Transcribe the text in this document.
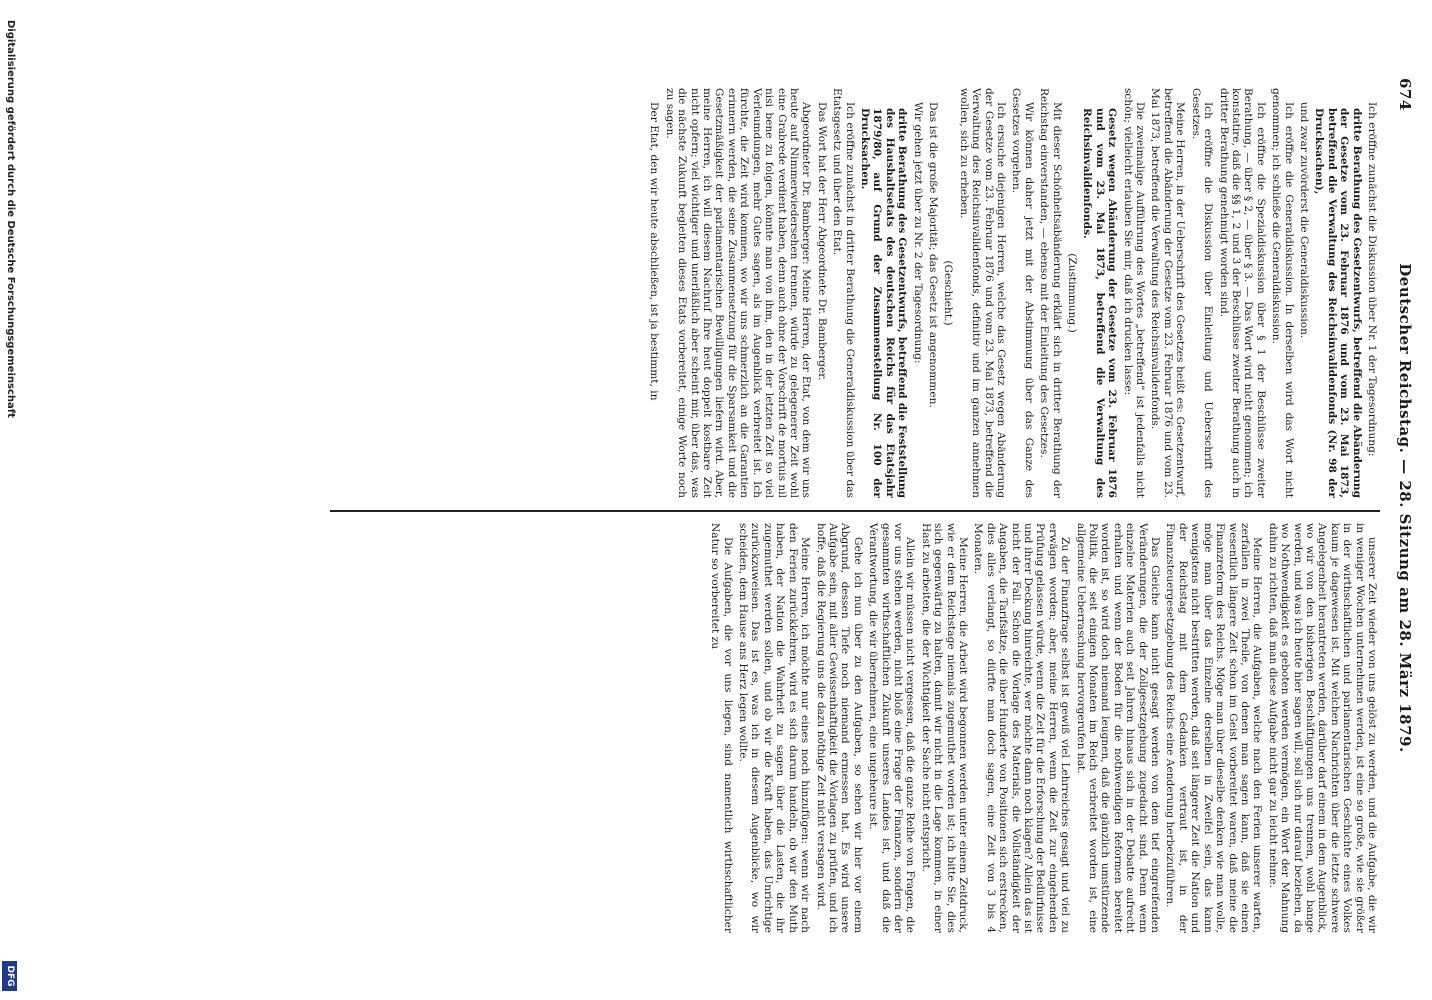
674
Deutscher Reichstag. — 28. Sitzung am 28. März 1879.

Ich eröffne zunächst die Diskussion über Nr. 1 der Tagesordnung:

dritte Berathung des Gesetzentwurfs, betreffend die Abänderung der Gesetze vom 23. Februar 1876 und vom 23. Mai 1873, betreffend die Verwaltung des Reichsinvalidenfonds (Nr. 98 der Drucksachen),

und zwar zuvörderst die Generaldiskussion.

Ich eröffne die Generaldiskussion. In derselben wird das Wort nicht genommen; ich schließe die Generaldiskussion.

Ich eröffne die Spezialdiskussion über § 1 der Beschlüsse zweiter Berathung, — über § 2, — über § 3. — Das Wort wird nicht genommen; ich konstatire, daß die §§ 1, 2 und 3 der Beschlüsse zweiter Berathung auch in dritter Berathung genehmigt worden sind.

Ich eröffne die Diskussion über Einleitung und Ueberschrift des Gesetzes.

Meine Herren, in der Ueberschrift des Gesetzes heißt es: Gesetzentwurf, betreffend die Abänderung der Gesetze vom 23. Februar 1876 und vom 23. Mai 1873, betreffend die Verwaltung des Reichsinvalidenfonds.

Die zweimalige Aufführung des Wortes „betreffend“ ist jedenfalls nicht schön; vielleicht erlauben Sie mir, daß ich drucken lasse:

Gesetz wegen Abänderung der Gesetze vom 23. Februar 1876 und vom 23. Mai 1873, betreffend die Verwaltung des Reichsinvalidenfonds.

(Zustimmung.)

Mit dieser Schönheitsabänderung erklärt sich in dritter Berathung der Reichstag einverstanden, — ebenso mit der Einleitung des Gesetzes.

Wir können daher jetzt mit der Abstimmung über das Ganze des Gesetzes vorgehen.

Ich ersuche diejenigen Herren, welche das Gesetz wegen Abänderung der Gesetze vom 23. Februar 1876 und vom 23. Mai 1873, betreffend die Verwaltung des Reichsinvalidenfonds, definitiv und im ganzen annehmen wollen, sich zu erheben.

(Geschieht.)

Das ist die große Majorität; das Gesetz ist angenommen.

Wir gehen jetzt über zu Nr. 2 der Tagesordnung:

dritte Berathung des Gesetzentwurfs, betreffend die Feststellung des Haushaltsetats des deutschen Reichs für das Etatsjahr 1879/80, auf Grund der Zusammenstellung Nr. 100 der Drucksachen.

Ich eröffne zunächst in dritter Berathung die Generaldiskussion über das Etatsgesetz und über den Etat.

Das Wort hat der Herr Abgeordnete Dr. Bamberger.

Abgeordneter Dr. Bamberger: Meine Herren, der Etat, von dem wir uns heute auf Nimmerwiedersehen trennen, würde zu gelegenerer Zeit wohl eine Grabrede verdient haben, denn auch ohne der Vorschrift de mortuis nil nisi bene zu folgen, könnte man von ihm, den in der letzten Zeit so viel Verleumdungen, mehr Gutes sagen, als im Augenblick verbreitet ist. Ich fürchte, die Zeit wird kommen, wo wir uns schmerzlich an die Garantien erinnern werden, die seine Zusammensetzung für die Sparsamkeit und die Gesetzmäßigkeit der parlamentarischen Bewilligungen liefern wird. Aber, meine Herren, ich will diesem Nachruf Ihre heut doppelt kostbare Zeit nicht opfern; viel wichtiger und unerläßlich aber scheint mir, über das, was die nächste Zukunft begleiten dieses Etats vorbereitet, einige Worte noch zu sagen.

Der Etat, den wir heute abschließen, ist ja bestimmt, in

unserer Zeit wieder von uns gelöst zu werden, und die Aufgabe, die wir in weniger Wochen unternehmen werden, ist eine so große, wie sie größer in der wirthschaftlichen und parlamentarischen Geschichte eines Volkes kaum je dagewesen ist. Mit welchen Nachrichten über die letzte schwere Angelegenheit herantreten werden, darüber darf einem in dem Augenblick, wo wir von den bisherigen Beschäftigungen uns trennen, wohl bange werden, und was ich heute hier sagen will, soll sich nur darauf beziehen, da wo Nothwendigkeit es geboten werden vermögen, ein Wort der Mahnung dahin zu richten, daß man diese Aufgabe nicht gar zu leicht nehme.

Meine Herren, die Aufgaben, welche nach den Ferien unserer warten, zerfallen in zwei Theile, von denen man sagen kann, daß sie einen wesentlich längere Zeit schon im Geist vorbereitet waren, daß meine die Finanzreform des Reichs. Möge man über dieselbe denken wie man wolle, möge man über das Einzelne derselben in Zweifel sein, das kann wenigstens nicht bestritten werden, daß seit längerer Zeit die Nation und der Reichstag mit dem Gedanken vertraut ist, in der Finanzsteuergesetzgebung des Reichs eine Aenderung herbeizuführen.

Das Gleiche kann nicht gesagt werden von dem tief eingreifenden Veränderungen, die der Zollgesetzgebung zugedacht sind. Denn wenn einzelne Materien auch seit Jahren hinaus sich in der Debatte aufrecht erhalten und wenn der Boden für die nothwendigen Reformen bereitet worden ist, so wird doch niemand leugnen, daß die gänzlich umstürzende Politik, die seit einigen Monaten im Reich verbreitet worden ist, eine allgemeine Ueberraschung hervorgerufen hat.

Zu der Finanzfrage selbst ist gewiß viel Lehrreiches gesagt und viel zu erwägen worden; aber, meine Herren, wenn die Zeit zur eingehenden Prüfung gelassen würde, wenn die Zeit für die Erforschung der Bedürfnisse und ihrer Deckung hinreichte, wer möchte dann noch klagen? Allein das ist nicht der Fall. Schon die Vorlage des Materials, die Vollständigkeit der Angaben, die Tarifsätze, die über Hunderte von Positionen sich erstrecken, dies alles verlangt, so dürfte man doch sagen, eine Zeit von 3 bis 4 Monaten.

Meine Herren, die Arbeit wird begonnen werden unter einem Zeitdruck, wie er dem Reichstage niemals zugemuthet worden ist; ich bitte Sie, dies sich gegenwärtig zu halten, damit wir nicht in die Lage kommen, in einer Hast zu arbeiten, die der Wichtigkeit der Sache nicht entspricht.

Allein wir müssen nicht vergessen, daß die ganze Reihe von Fragen, die vor uns stehen werden, nicht bloß eine Frage der Finanzen, sondern der gesammten wirthschaftlichen Zukunft unseres Landes ist, und daß die Verantwortung, die wir übernehmen, eine ungeheure ist.

Gehe ich nun über zu den Aufgaben, so sehen wir hier vor einem Abgrund, dessen Tiefe noch niemand ermessen hat. Es wird unsere Aufgabe sein, mit aller Gewissenhaftigkeit die Vorlagen zu prüfen, und ich hoffe, daß die Regierung uns die dazu nöthige Zeit nicht versagen wird.

Meine Herren, ich möchte nur eines noch hinzufügen: wenn wir nach den Ferien zurückkehren, wird es sich darum handeln, ob wir den Muth haben, der Nation die Wahrheit zu sagen über die Lasten, die ihr zugemuthet werden sollen, und ob wir die Kraft haben, das Unrichtige zurückzuweisen. Das ist es, was ich in diesem Augenblicke, wo wir scheiden, dem Hause ans Herz legen wollte.

Die Aufgaben, die vor uns liegen, sind namentlich wirthschaftlicher Natur so vorbereitet zu

Digitalisierung gefördert durch die Deutsche Forschungsgemeinschaft
DFG
